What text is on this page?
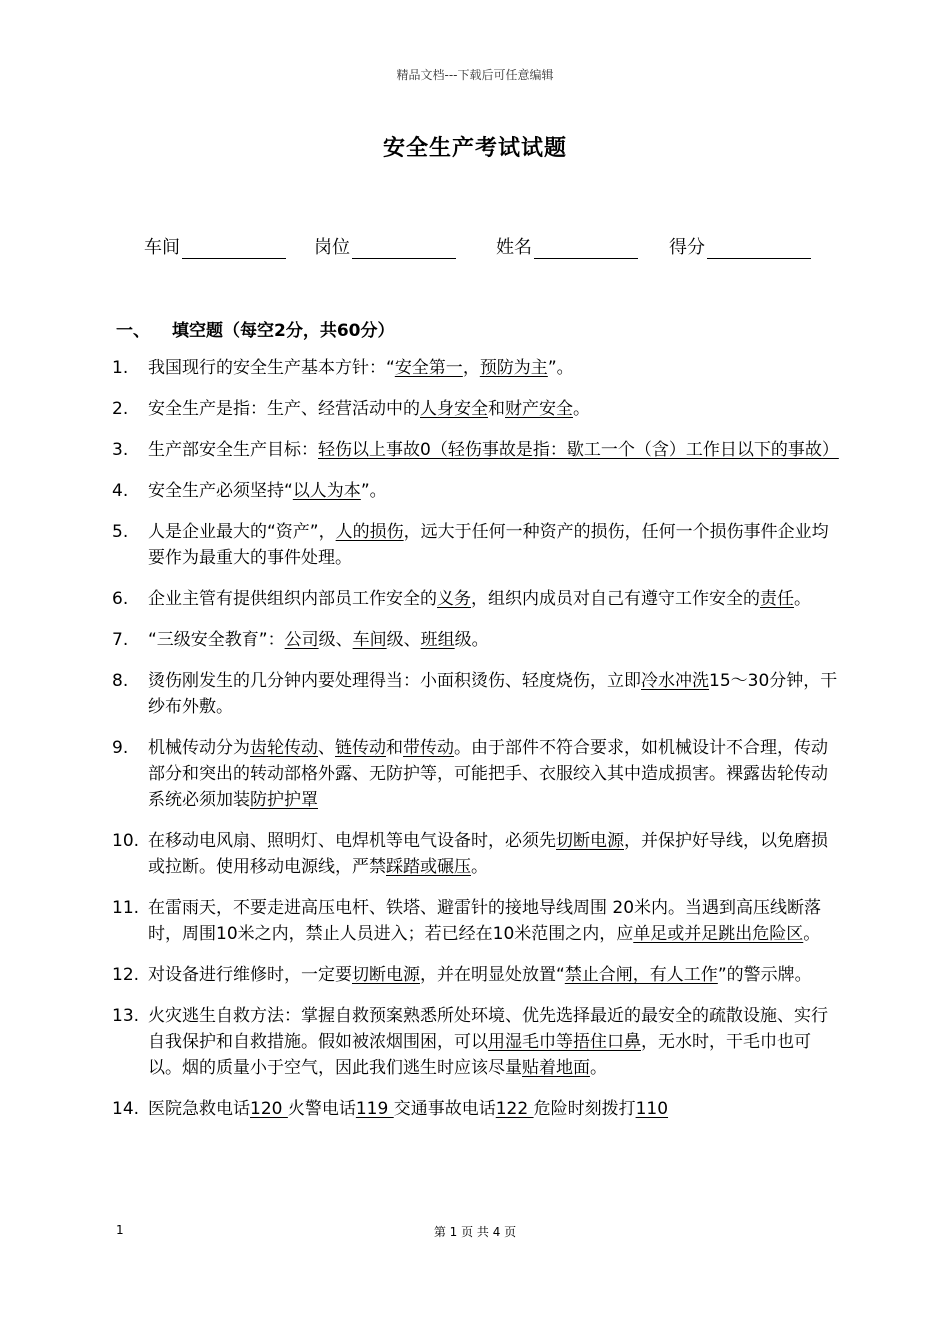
精品文档---下载后可任意编辑
安全生产考试试题
车间	岗位	姓名	得分
一、 填空题（每空2分，共60分）
1.	我国现行的安全生产基本方针：“安全第一，预防为主”。
2.	安全生产是指：生产、经营活动中的人身安全和财产安全。
3.	生产部安全生产目标：轻伤以上事故0（轻伤事故是指：歇工一个（含）工作日以下的事故）
4.	安全生产必须坚持“以人为本”。
5.	人是企业最大的“资产”，人的损伤，远大于任何一种资产的损伤，任何一个损伤事件企业均要作为最重大的事件处理。
6.	企业主管有提供组织内部员工作安全的义务，组织内成员对自己有遵守工作安全的责任。
7.	“三级安全教育”：公司级、车间级、班组级。
8.	烫伤刚发生的几分钟内要处理得当：小面积烫伤、轻度烧伤，立即冷水冲洗15～30分钟，干纱布外敷。
9.	机械传动分为齿轮传动、链传动和带传动。由于部件不符合要求，如机械设计不合理，传动部分和突出的转动部格外露、无防护等，可能把手、衣服绞入其中造成损害。裸露齿轮传动系统必须加装防护护罩
10. 在移动电风扇、照明灯、电焊机等电气设备时，必须先切断电源，并保护好导线，以免磨损或拉断。使用移动电源线，严禁踩踏或碾压。
11. 在雷雨天，不要走进高压电杆、铁塔、避雷针的接地导线周围 20米内。当遇到高压线断落时，周围10米之内，禁止人员进入；若已经在10米范围之内，应单足或并足跳出危险区。
12. 对设备进行维修时，一定要切断电源，并在明显处放置“禁止合闸，有人工作”的警示牌。
13. 火灾逃生自救方法：掌握自救预案熟悉所处环境、优先选择最近的最安全的疏散设施、实行自我保护和自救措施。假如被浓烟围困，可以用湿毛巾等捂住口鼻，无水时，干毛巾也可以。烟的质量小于空气，因此我们逃生时应该尽量贴着地面。
14. 医院急救电话120 火警电话119 交通事故电话122 危险时刻拨打110
1	第 1 页 共 4 页
